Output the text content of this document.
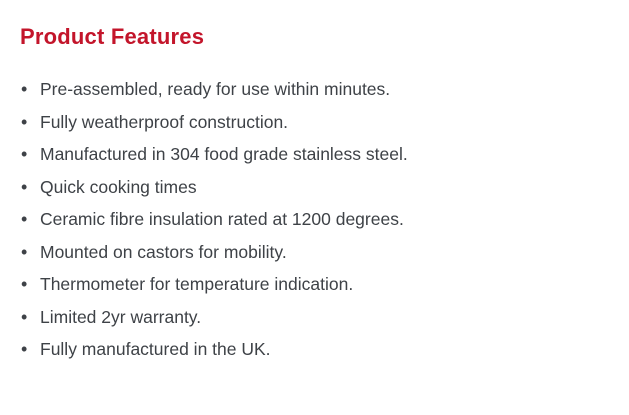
Product Features
• Pre-assembled, ready for use within minutes.
• Fully weatherproof construction.
• Manufactured in 304 food grade stainless steel.
• Quick cooking times
• Ceramic fibre insulation rated at 1200 degrees.
• Mounted on castors for mobility.
• Thermometer for temperature indication.
• Limited 2yr warranty.
• Fully manufactured in the UK.
